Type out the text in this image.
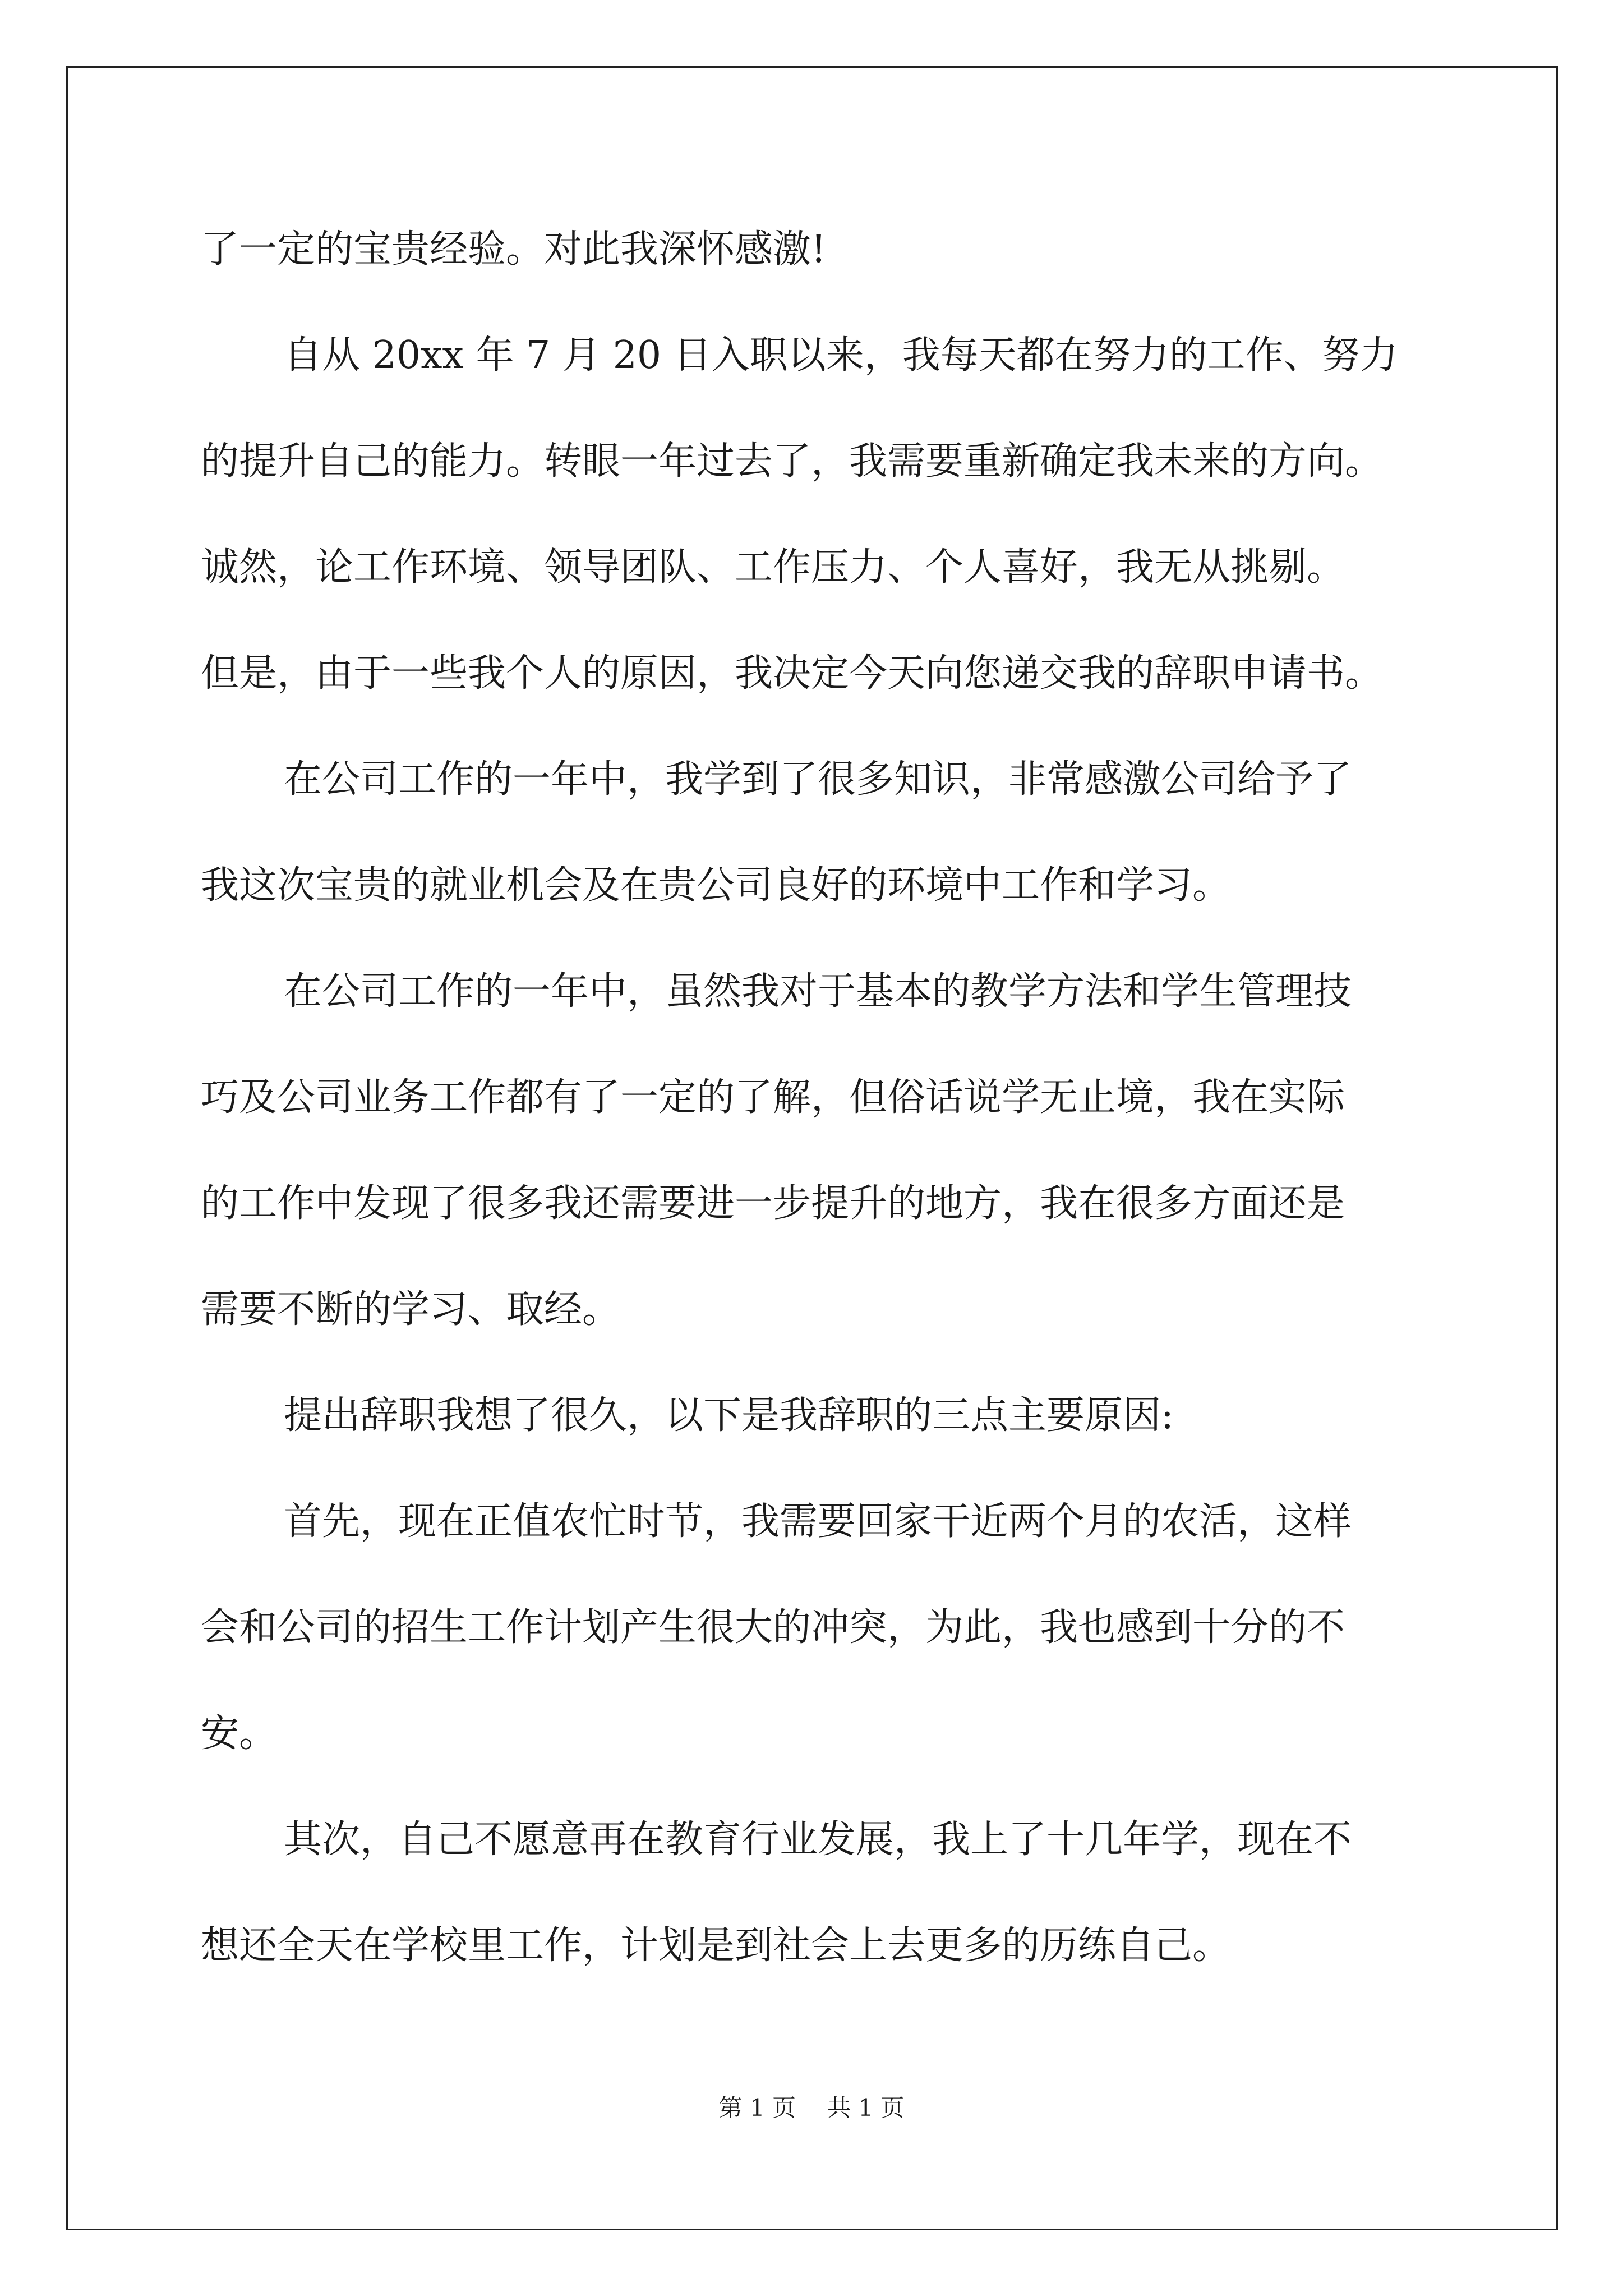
了一定的宝贵经验。对此我深怀感激!
自从 20xx 年 7 月 20 日入职以来，我每天都在努力的工作、努力
的提升自己的能力。转眼一年过去了，我需要重新确定我未来的方向。
诚然，论工作环境、领导团队、工作压力、个人喜好，我无从挑剔。
但是，由于一些我个人的原因，我决定今天向您递交我的辞职申请书。
在公司工作的一年中，我学到了很多知识，非常感激公司给予了
我这次宝贵的就业机会及在贵公司良好的环境中工作和学习。
在公司工作的一年中，虽然我对于基本的教学方法和学生管理技
巧及公司业务工作都有了一定的了解，但俗话说学无止境，我在实际
的工作中发现了很多我还需要进一步提升的地方，我在很多方面还是
需要不断的学习、取经。
提出辞职我想了很久，以下是我辞职的三点主要原因:
首先，现在正值农忙时节，我需要回家干近两个月的农活，这样
会和公司的招生工作计划产生很大的冲突，为此，我也感到十分的不
安。
其次，自己不愿意再在教育行业发展，我上了十几年学，现在不
想还全天在学校里工作，计划是到社会上去更多的历练自己。
第 1 页 共 1 页
